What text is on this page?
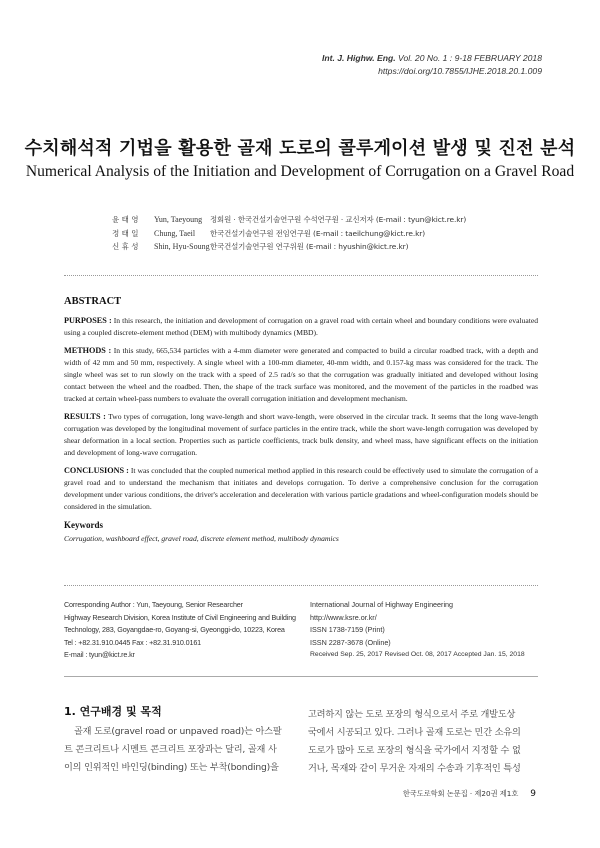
Int. J. Highw. Eng. Vol. 20 No. 1 : 9-18 FEBRUARY 2018
https://doi.org/10.7855/IJHE.2018.20.1.009
수치해석적 기법을 활용한 골재 도로의 콜루게이션 발생 및 진전 분석
Numerical Analysis of the Initiation and Development of Corrugation on a Gravel Road
윤 태 영	Yun, Taeyoung	정회원 · 한국건설기술연구원 수석연구원 · 교신저자 (E-mail : tyun@kict.re.kr)
정 태 일	Chung, Taeil	한국건설기술연구원 전임연구원 (E-mail : taeilchung@kict.re.kr)
신 휴 성	Shin, Hyu-Soung 한국건설기술연구원 연구위원 (E-mail : hyushin@kict.re.kr)
ABSTRACT

PURPOSES : In this research, the initiation and development of corrugation on a gravel road with certain wheel and boundary conditions were evaluated using a coupled discrete-element method (DEM) with multibody dynamics (MBD).

METHODS : In this study, 665,534 particles with a 4-mm diameter were generated and compacted to build a circular roadbed track, with a depth and width of 42 mm and 50 mm, respectively. A single wheel with a 100-mm diameter, 40-mm width, and 0.157-kg mass was considered for the track. The single wheel was set to run slowly on the track with a speed of 2.5 rad/s so that the corrugation was gradually initiated and developed without losing contact between the wheel and the roadbed. Then, the shape of the track surface was monitored, and the movement of the particles in the roadbed was tracked at certain wheel-pass numbers to evaluate the overall corrugation initiation and development mechanism.

RESULTS : Two types of corrugation, long wave-length and short wave-length, were observed in the circular track. It seems that the long wave-length corrugation was developed by the longitudinal movement of surface particles in the entire track, while the short wave-length corrugation was developed by shear deformation in a local section. Properties such as particle coefficients, track bulk density, and wheel mass, have significant effects on the initiation and development of long-wave corrugation.

CONCLUSIONS : It was concluded that the coupled numerical method applied in this research could be effectively used to simulate the corrugation of a gravel road and to understand the mechanism that initiates and develops corrugation. To derive a comprehensive conclusion for the corrugation development under various conditions, the driver's acceleration and deceleration with various particle gradations and wheel-configuration models should be considered in the simulation.

Keywords
Corrugation, washboard effect, gravel road, discrete element method, multibody dynamics
Corresponding Author : Yun, Taeyoung, Senior Researcher
Highway Research Division, Korea Institute of Civil Engineering and Building
Technology, 283, Goyangdae-ro, Goyang-si, Gyeonggi-do, 10223, Korea
Tel : +82.31.910.0445 Fax : +82.31.910.0161
E-mail : tyun@kict.re.kr
International Journal of Highway Engineering
http://www.ksre.or.kr/
ISSN 1738-7159 (Print)
ISSN 2287-3678 (Online)
Received Sep. 25, 2017 Revised Oct. 08, 2017 Accepted Jan. 15, 2018
1. 연구배경 및 목적
골재 도로(gravel road or unpaved road)는 아스팔
트 콘크리트나 시멘트 콘크리트 포장과는 달리, 골재 사
이의 인위적인 바인딩(binding) 또는 부착(bonding)을
고려하지 않는 도로 포장의 형식으로서 주로 개발도상
국에서 시공되고 있다. 그러나 골재 도로는 민간 소유의
도로가 많아 도로 포장의 형식을 국가에서 지정할 수 없
거나, 목재와 같이 무거운 자재의 수송과 기후적인 특성
한국도로학회 논문집 · 제20권 제1호 9
